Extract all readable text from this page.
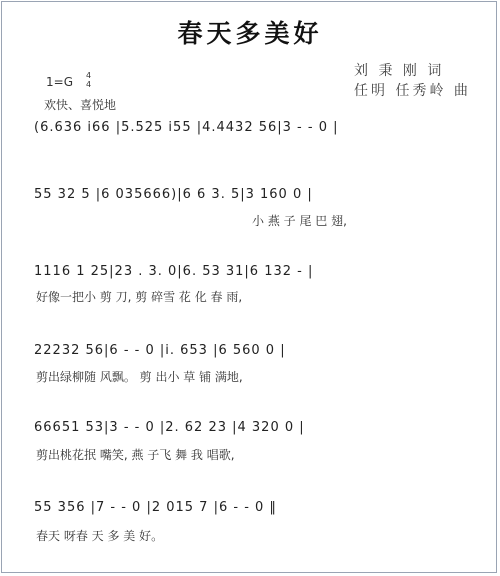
春天多美好
刘 秉 刚 词
任明 任秀岭 曲
1=G 4
4
欢快、喜悦地
(6.636 i66 |5.525 i55 |4.4432 56|3 - - 0 |
55 32 5 |6 035666)|6 6 3. 5|3 160 0 |
小 燕 子 尾 巴 翅,
1116 1 25|23 . 3. 0|6. 53 31|6 132 - |
好像一把小 剪 刀, 剪 碎雪 花 化 春 雨,
22232 56|6 - - 0 |i. 653 |6 560 0 |
剪出绿柳随 风飘。 剪 出小 草 铺 满地,
66651 53|3 - - 0 |2. 62 23 |4 320 0 |
剪出桃花抿 嘴笑, 燕 子飞 舞 我 唱歌,
55 356 |7 - - 0 |2 015 7 |6 - - 0 ‖
春天 呀春 天 多 美 好。
